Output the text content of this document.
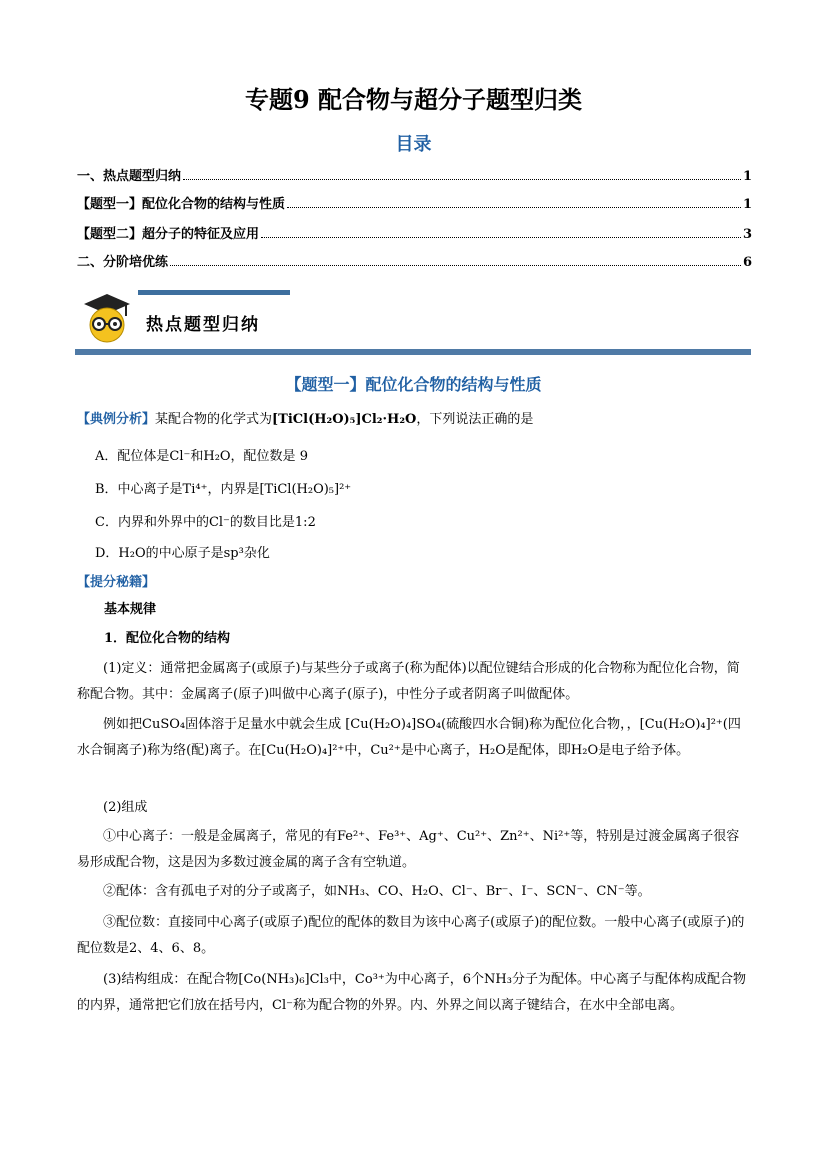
专题9 配合物与超分子题型归类
目录
一、热点题型归纳	1
【题型一】配位化合物的结构与性质	1
【题型二】超分子的特征及应用	3
二、分阶培优练	6
热点题型归纳
【题型一】配位化合物的结构与性质
【典例分析】某配合物的化学式为[TiCl(H₂O)₅]Cl₂·H₂O，下列说法正确的是
A．配位体是Cl⁻和H₂O，配位数是 9
B．中心离子是Ti⁴⁺，内界是[TiCl(H₂O)₅]²⁺
C．内界和外界中的Cl⁻的数目比是1:2
D．H₂O的中心原子是sp³杂化
【提分秘籍】
基本规律
1．配位化合物的结构
(1)定义：通常把金属离子(或原子)与某些分子或离子(称为配体)以配位键结合形成的化合物称为配位化合物，简称配合物。其中：金属离子(原子)叫做中心离子(原子)，中性分子或者阴离子叫做配体。
例如把CuSO₄固体溶于足量水中就会生成 [Cu(H₂O)₄]SO₄(硫酸四水合铜)称为配位化合物，，[Cu(H₂O)₄]²⁺(四水合铜离子)称为络(配)离子。在[Cu(H₂O)₄]²⁺中，Cu²⁺是中心离子，H₂O是配体，即H₂O是电子给予体。
(2)组成
①中心离子：一般是金属离子，常见的有Fe²⁺、Fe³⁺、Ag⁺、Cu²⁺、Zn²⁺、Ni²⁺等，特别是过渡金属离子很容易形成配合物，这是因为多数过渡金属的离子含有空轨道。
②配体：含有孤电子对的分子或离子，如NH₃、CO、H₂O、Cl⁻、Br⁻、I⁻、SCN⁻、CN⁻等。
③配位数：直接同中心离子(或原子)配位的配体的数目为该中心离子(或原子)的配位数。一般中心离子(或原子)的配位数是2、4、6、8。
(3)结构组成：在配合物[Co(NH₃)₆]Cl₃中，Co³⁺为中心离子，6个NH₃分子为配体。中心离子与配体构成配合物的内界，通常把它们放在括号内，Cl⁻称为配合物的外界。内、外界之间以离子键结合，在水中全部电离。
